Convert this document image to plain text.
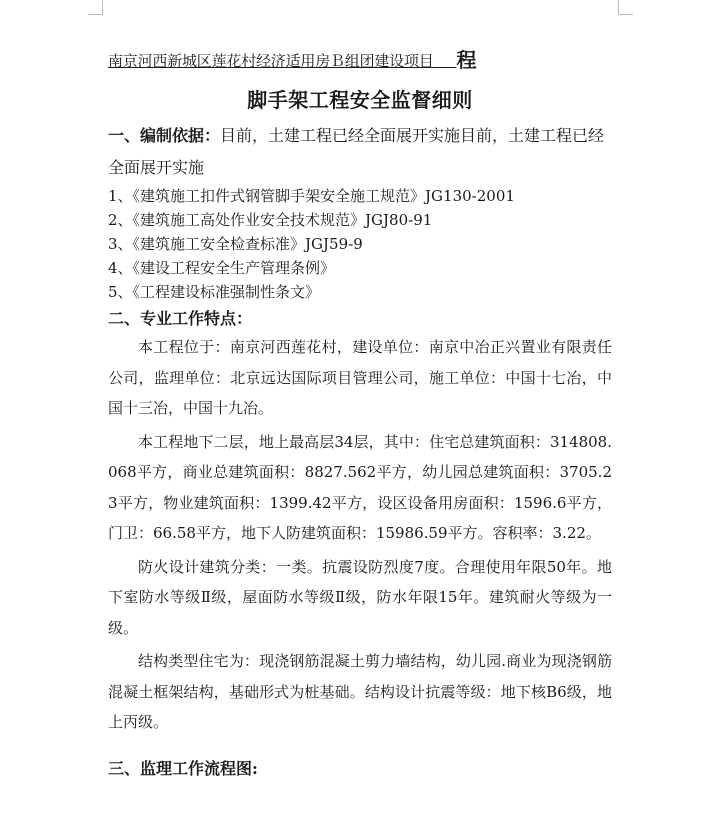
南京河西新城区莲花村经济适用房Ｂ组团建设项目 程
脚手架工程安全监督细则
一、编制依据：目前，土建工程已经全面展开实施目前，土建工程已经全面展开实施
1、《建筑施工扣件式钢管脚手架安全施工规范》JG130-2001
2、《建筑施工高处作业安全技术规范》JGJ80-91
3、《建筑施工安全检查标准》JGJ59-9
4、《建设工程安全生产管理条例》
5、《工程建设标准强制性条文》
二、专业工作特点：

本工程位于：南京河西莲花村，建设单位：南京中冶正兴置业有限责任公司，监理单位：北京远达国际项目管理公司，施工单位：中国十七冶，中国十三冶，中国十九冶。

本工程地下二层，地上最高层34层，其中：住宅总建筑面积：314808.068平方，商业总建筑面积：8827.562平方，幼儿园总建筑面积：3705.23平方，物业建筑面积：1399.42平方，设区设备用房面积：1596.6平方，门卫：66.58平方，地下人防建筑面积：15986.59平方。容积率：3.22。

防火设计建筑分类：一类。抗震设防烈度7度。合理使用年限50年。地下室防水等级Ⅱ级，屋面防水等级Ⅱ级，防水年限15年。建筑耐火等级为一级。

结构类型住宅为：现浇钢筋混凝土剪力墙结构，幼儿园.商业为现浇钢筋混凝土框架结构，基础形式为桩基础。结构设计抗震等级：地下核B6级，地上丙级。

三、监理工作流程图:
